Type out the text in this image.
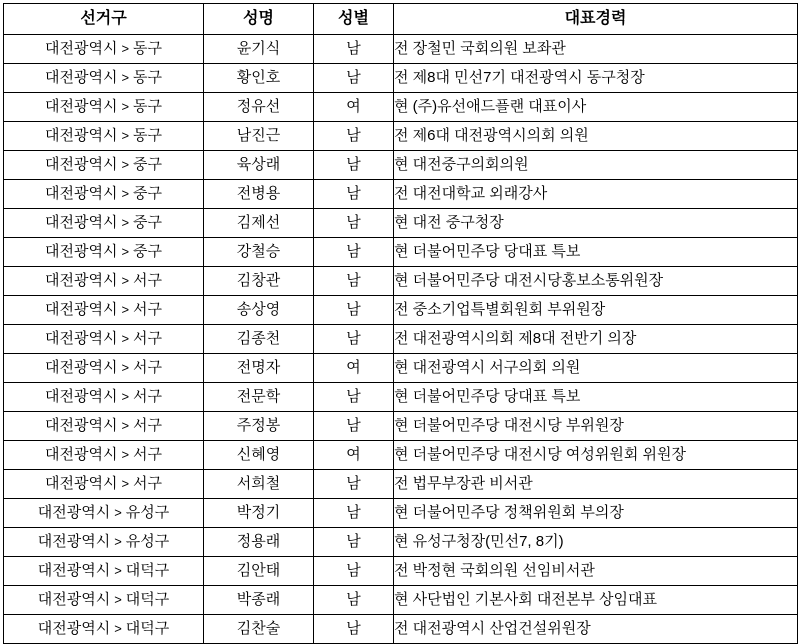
선거구	성명	성별	대표경력
대전광역시 > 동구	윤기식	남	전 장철민 국회의원 보좌관
대전광역시 > 동구	황인호	남	전 제8대 민선7기 대전광역시 동구청장
대전광역시 > 동구	정유선	여	현 (주)유선애드플랜 대표이사
대전광역시 > 동구	남진근	남	전 제6대 대전광역시의회 의원
대전광역시 > 중구	육상래	남	현 대전중구의회의원
대전광역시 > 중구	전병용	남	전 대전대학교 외래강사
대전광역시 > 중구	김제선	남	현 대전 중구청장
대전광역시 > 중구	강철승	남	현 더불어민주당 당대표 특보
대전광역시 > 서구	김창관	남	현 더불어민주당 대전시당홍보소통위원장
대전광역시 > 서구	송상영	남	전 중소기업특별회원회 부위원장
대전광역시 > 서구	김종천	남	전 대전광역시의회 제8대 전반기 의장
대전광역시 > 서구	전명자	여	현 대전광역시 서구의회 의원
대전광역시 > 서구	전문학	남	현 더불어민주당 당대표 특보
대전광역시 > 서구	주정봉	남	현 더불어민주당 대전시당 부위원장
대전광역시 > 서구	신혜영	여	현 더불어민주당 대전시당 여성위원회 위원장
대전광역시 > 서구	서희철	남	전 법무부장관 비서관
대전광역시 > 유성구	박정기	남	현 더불어민주당 정책위원회 부의장
대전광역시 > 유성구	정용래	남	현 유성구청장(민선7, 8기)
대전광역시 > 대덕구	김안태	남	전 박정현 국회의원 선임비서관
대전광역시 > 대덕구	박종래	남	현 사단법인 기본사회 대전본부 상임대표
대전광역시 > 대덕구	김찬술	남	전 대전광역시 산업건설위원장
